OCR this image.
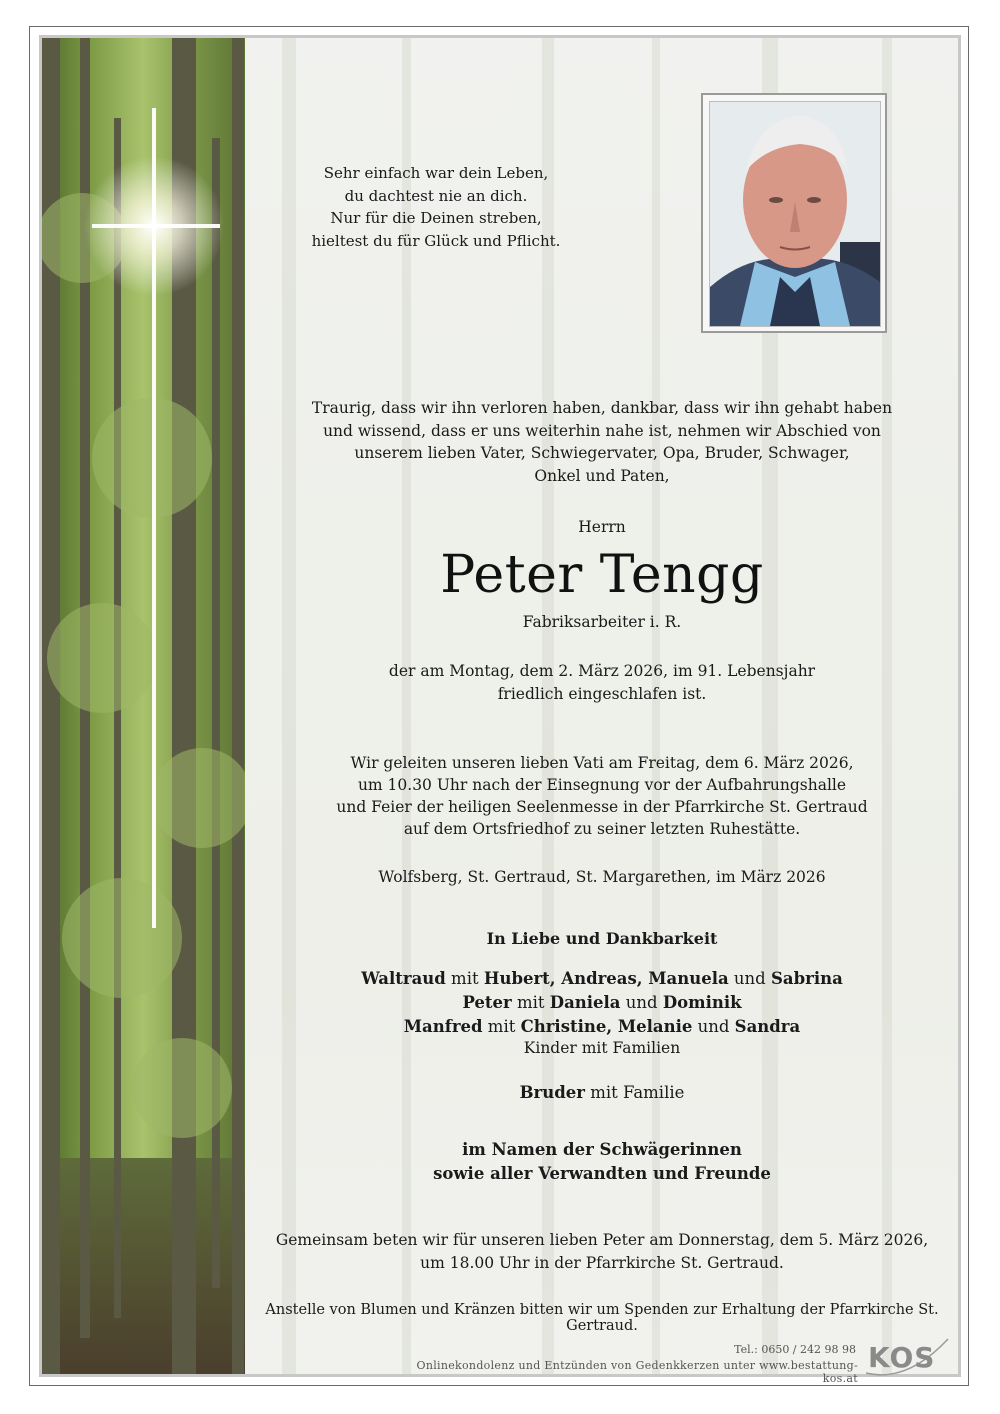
Sehr einfach war dein Leben,
du dachtest nie an dich.
Nur für die Deinen streben,
hieltest du für Glück und Pflicht.
Traurig, dass wir ihn verloren haben, dankbar, dass wir ihn gehabt haben
und wissend, dass er uns weiterhin nahe ist, nehmen wir Abschied von
unserem lieben Vater, Schwiegervater, Opa, Bruder, Schwager,
Onkel und Paten,
Herrn
Peter Tengg
Fabriksarbeiter i. R.
der am Montag, dem 2. März 2026, im 91. Lebensjahr
friedlich eingeschlafen ist.
Wir geleiten unseren lieben Vati am Freitag, dem 6. März 2026,
um 10.30 Uhr nach der Einsegnung vor der Aufbahrungshalle
und Feier der heiligen Seelenmesse in der Pfarrkirche St. Gertraud
auf dem Ortsfriedhof zu seiner letzten Ruhestätte.
Wolfsberg, St. Gertraud, St. Margarethen, im März 2026
In Liebe und Dankbarkeit
Waltraud mit Hubert, Andreas, Manuela und Sabrina
Peter mit Daniela und Dominik
Manfred mit Christine, Melanie und Sandra
Kinder mit Familien
Bruder mit Familie
im Namen der Schwägerinnen
sowie aller Verwandten und Freunde
Gemeinsam beten wir für unseren lieben Peter am Donnerstag, dem 5. März 2026,
um 18.00 Uhr in der Pfarrkirche St. Gertraud.
Anstelle von Blumen und Kränzen bitten wir um Spenden zur Erhaltung der Pfarrkirche St. Gertraud.
Tel.: 0650 / 242 98 98
Onlinekondolenz und Entzünden von Gedenkkerzen unter www.bestattung-kos.at
KOS
